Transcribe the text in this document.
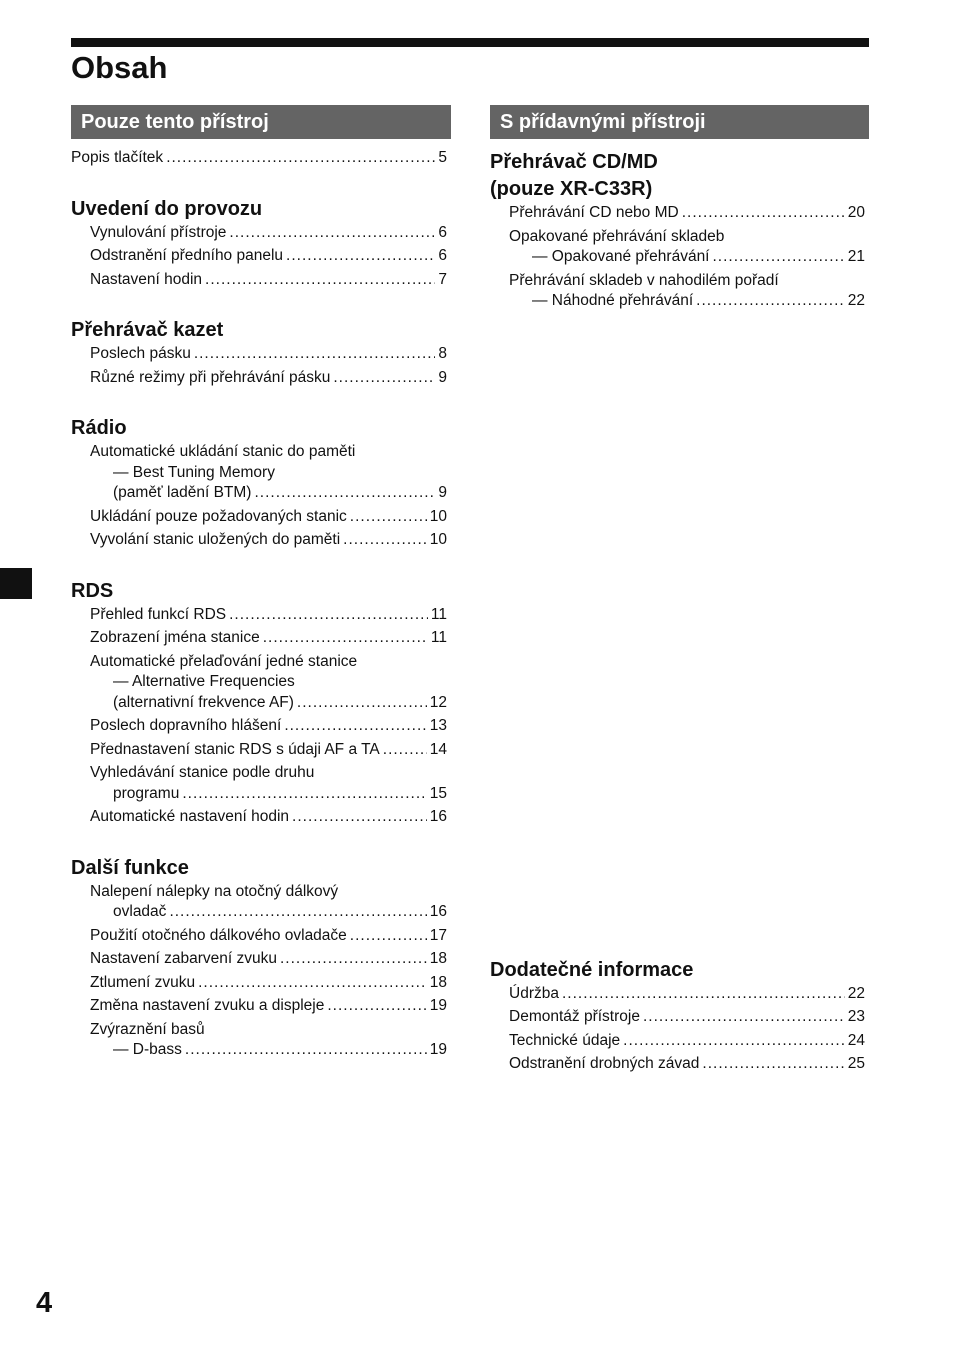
Obsah
4
Pouze tento přístroj
Popis tlačítek .....	5
Uvedení do provozu
Vynulování přístroje .....	6
Odstranění předního panelu .....	6
Nastavení hodin .....	7
Přehrávač kazet
Poslech pásku .....	8
Různé režimy při přehrávání pásku .....	9
Rádio
Automatické ukládání stanic do paměti
— Best Tuning Memory
(paměť ladění BTM) .....	9
Ukládání pouze požadovaných stanic .....	10
Vyvolání stanic uložených do paměti .....	10
RDS
Přehled funkcí RDS .....	11
Zobrazení jména stanice .....	11
Automatické přelaďování jedné stanice
— Alternative Frequencies
(alternativní frekvence AF) .....	12
Poslech dopravního hlášení .....	13
Přednastavení stanic RDS s údaji AF a TA .....	14
Vyhledávání stanice podle druhu
programu .....	15
Automatické nastavení hodin .....	16
Další funkce
Nalepení nálepky na otočný dálkový
ovladač .....	16
Použití otočného dálkového ovladače .....	17
Nastavení zabarvení zvuku .....	18
Ztlumení zvuku .....	18
Změna nastavení zvuku a displeje .....	19
Zvýraznění basů
— D-bass .....	19
S přídavnými přístroji
Přehrávač CD/MD
(pouze XR-C33R)
Přehrávání CD nebo MD .....	20
Opakované přehrávání skladeb
— Opakované přehrávání .....	21
Přehrávání skladeb v nahodilém pořadí
— Náhodné přehrávání .....	22
Dodatečné informace
Údržba .....	22
Demontáž přístroje .....	23
Technické údaje .....	24
Odstranění drobných závad .....	25
